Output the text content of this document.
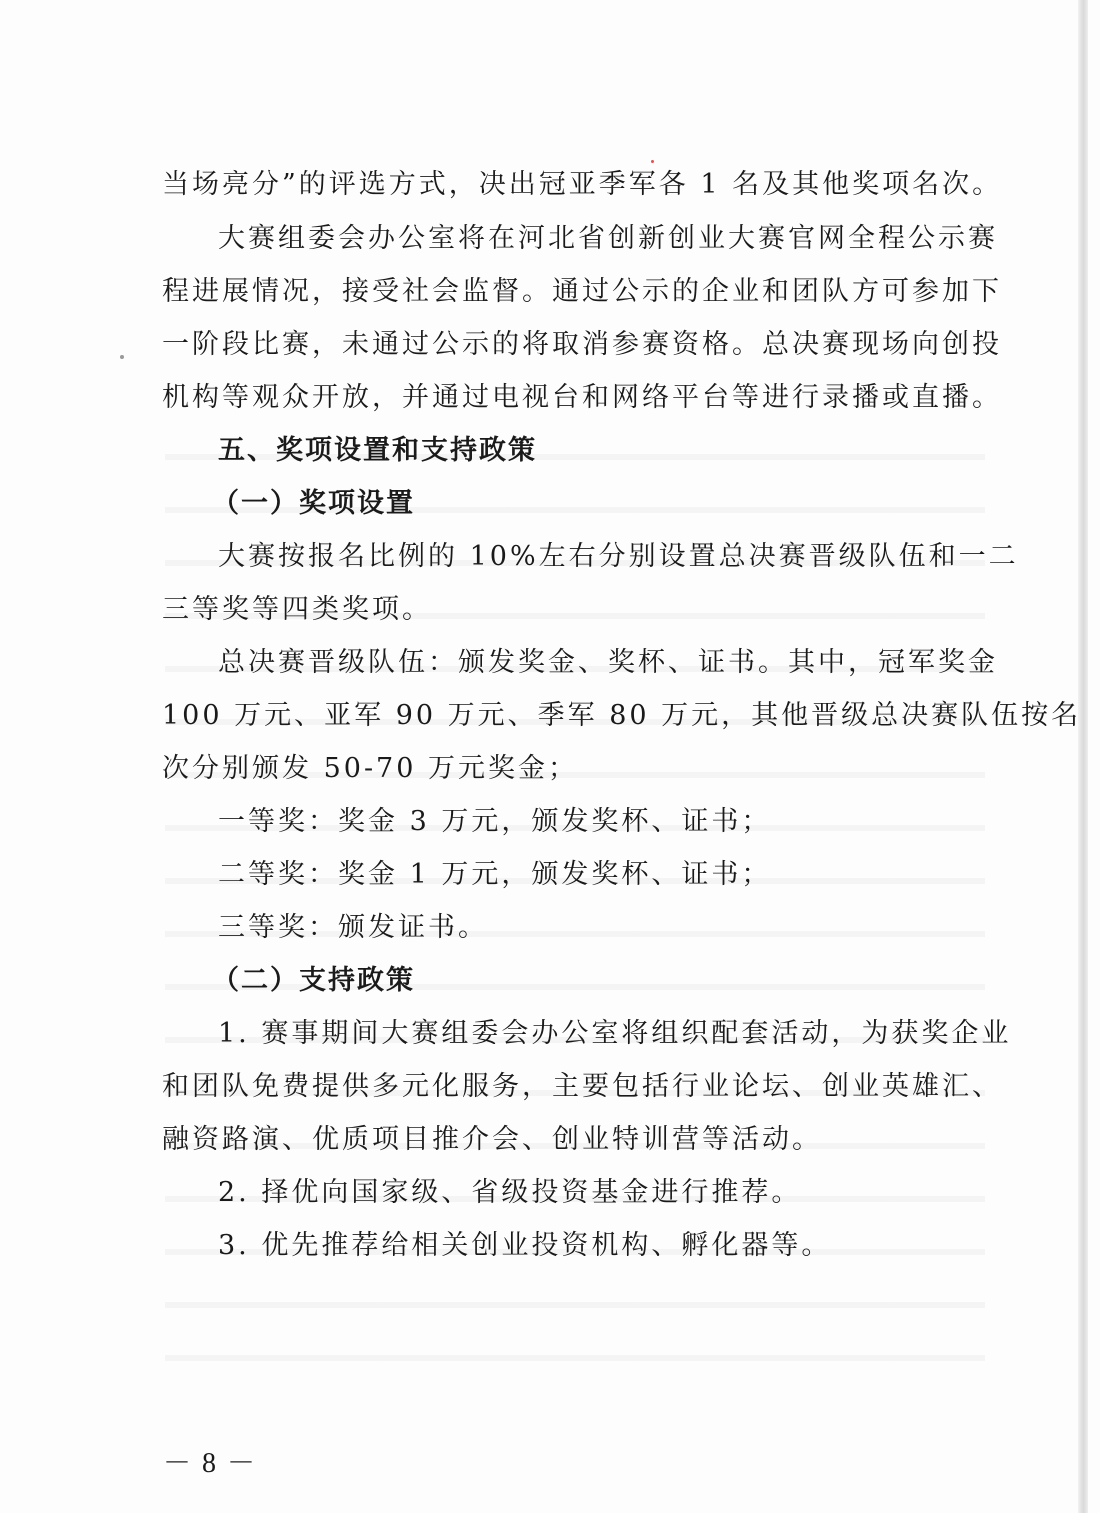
当场亮分”的评选方式，决出冠亚季军各 1 名及其他奖项名次。
大赛组委会办公室将在河北省创新创业大赛官网全程公示赛
程进展情况，接受社会监督。通过公示的企业和团队方可参加下
一阶段比赛，未通过公示的将取消参赛资格。总决赛现场向创投
机构等观众开放，并通过电视台和网络平台等进行录播或直播。
五、奖项设置和支持政策
（一）奖项设置
大赛按报名比例的 10%左右分别设置总决赛晋级队伍和一二
三等奖等四类奖项。
总决赛晋级队伍：颁发奖金、奖杯、证书。其中，冠军奖金
100 万元、亚军 90 万元、季军 80 万元，其他晋级总决赛队伍按名
次分别颁发 50-70 万元奖金；
一等奖：奖金 3 万元，颁发奖杯、证书；
二等奖：奖金 1 万元，颁发奖杯、证书；
三等奖：颁发证书。
（二）支持政策
1. 赛事期间大赛组委会办公室将组织配套活动，为获奖企业
和团队免费提供多元化服务，主要包括行业论坛、创业英雄汇、
融资路演、优质项目推介会、创业特训营等活动。
2. 择优向国家级、省级投资基金进行推荐。
3. 优先推荐给相关创业投资机构、孵化器等。
－ 8 －
